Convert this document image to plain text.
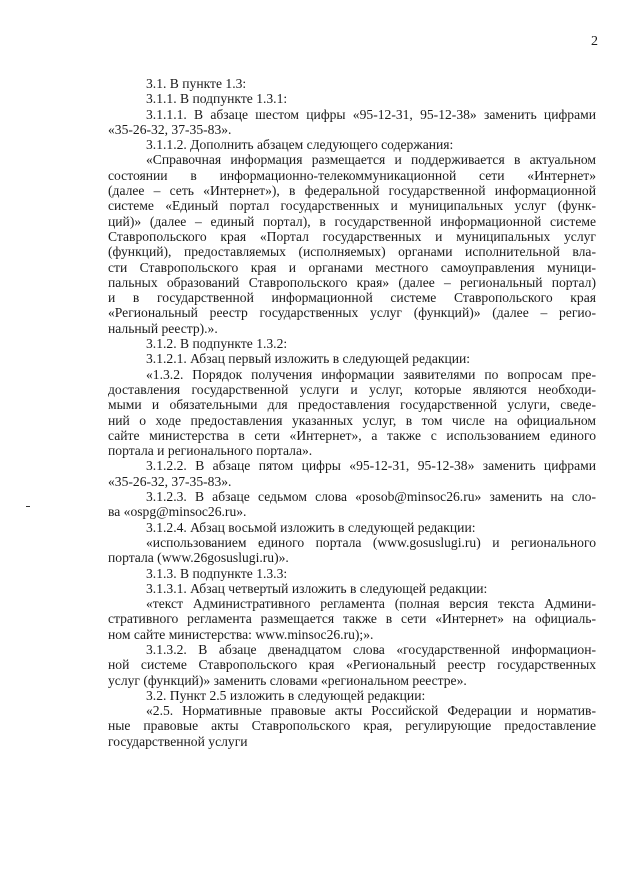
2
3.1. В пункте 1.3:
3.1.1. В подпункте 1.3.1:
3.1.1.1. В абзаце шестом цифры «95-12-31, 95-12-38» заменить цифрами
«35-26-32, 37-35-83».
3.1.1.2. Дополнить абзацем следующего содержания:
«Справочная информация размещается и поддерживается в актуальном
состоянии в информационно-телекоммуникационной сети «Интернет»
(далее – сеть «Интернет»), в федеральной государственной информационной
системе «Единый портал государственных и муниципальных услуг (функ-
ций)» (далее – единый портал), в государственной информационной системе
Ставропольского края «Портал государственных и муниципальных услуг
(функций), предоставляемых (исполняемых) органами исполнительной вла-
сти Ставропольского края и органами местного самоуправления муници-
пальных образований Ставропольского края» (далее – региональный портал)
и в государственной информационной системе Ставропольского края
«Региональный реестр государственных услуг (функций)» (далее – регио-
нальный реестр).».
3.1.2. В подпункте 1.3.2:
3.1.2.1. Абзац первый изложить в следующей редакции:
«1.3.2. Порядок получения информации заявителями по вопросам пре-
доставления государственной услуги и услуг, которые являются необходи-
мыми и обязательными для предоставления государственной услуги, сведе-
ний о ходе предоставления указанных услуг, в том числе на официальном
сайте министерства в сети «Интернет», а также с использованием единого
портала и регионального портала».
3.1.2.2. В абзаце пятом цифры «95-12-31, 95-12-38» заменить цифрами
«35-26-32, 37-35-83».
3.1.2.3. В абзаце седьмом слова «posob@minsoc26.ru» заменить на сло-
ва «ospg@minsoc26.ru».
3.1.2.4. Абзац восьмой изложить в следующей редакции:
«использованием единого портала (www.gosuslugi.ru) и регионального
портала (www.26gosuslugi.ru)».
3.1.3. В подпункте 1.3.3:
3.1.3.1. Абзац четвертый изложить в следующей редакции:
«текст Административного регламента (полная версия текста Админи-
стративного регламента размещается также в сети «Интернет» на официаль-
ном сайте министерства: www.minsoc26.ru);».
3.1.3.2. В абзаце двенадцатом слова «государственной информацион-
ной системе Ставропольского края «Региональный реестр государственных
услуг (функций)» заменить словами «региональном реестре».
3.2. Пункт 2.5 изложить в следующей редакции:
«2.5. Нормативные правовые акты Российской Федерации и норматив-
ные правовые акты Ставропольского края, регулирующие предоставление
государственной услуги
